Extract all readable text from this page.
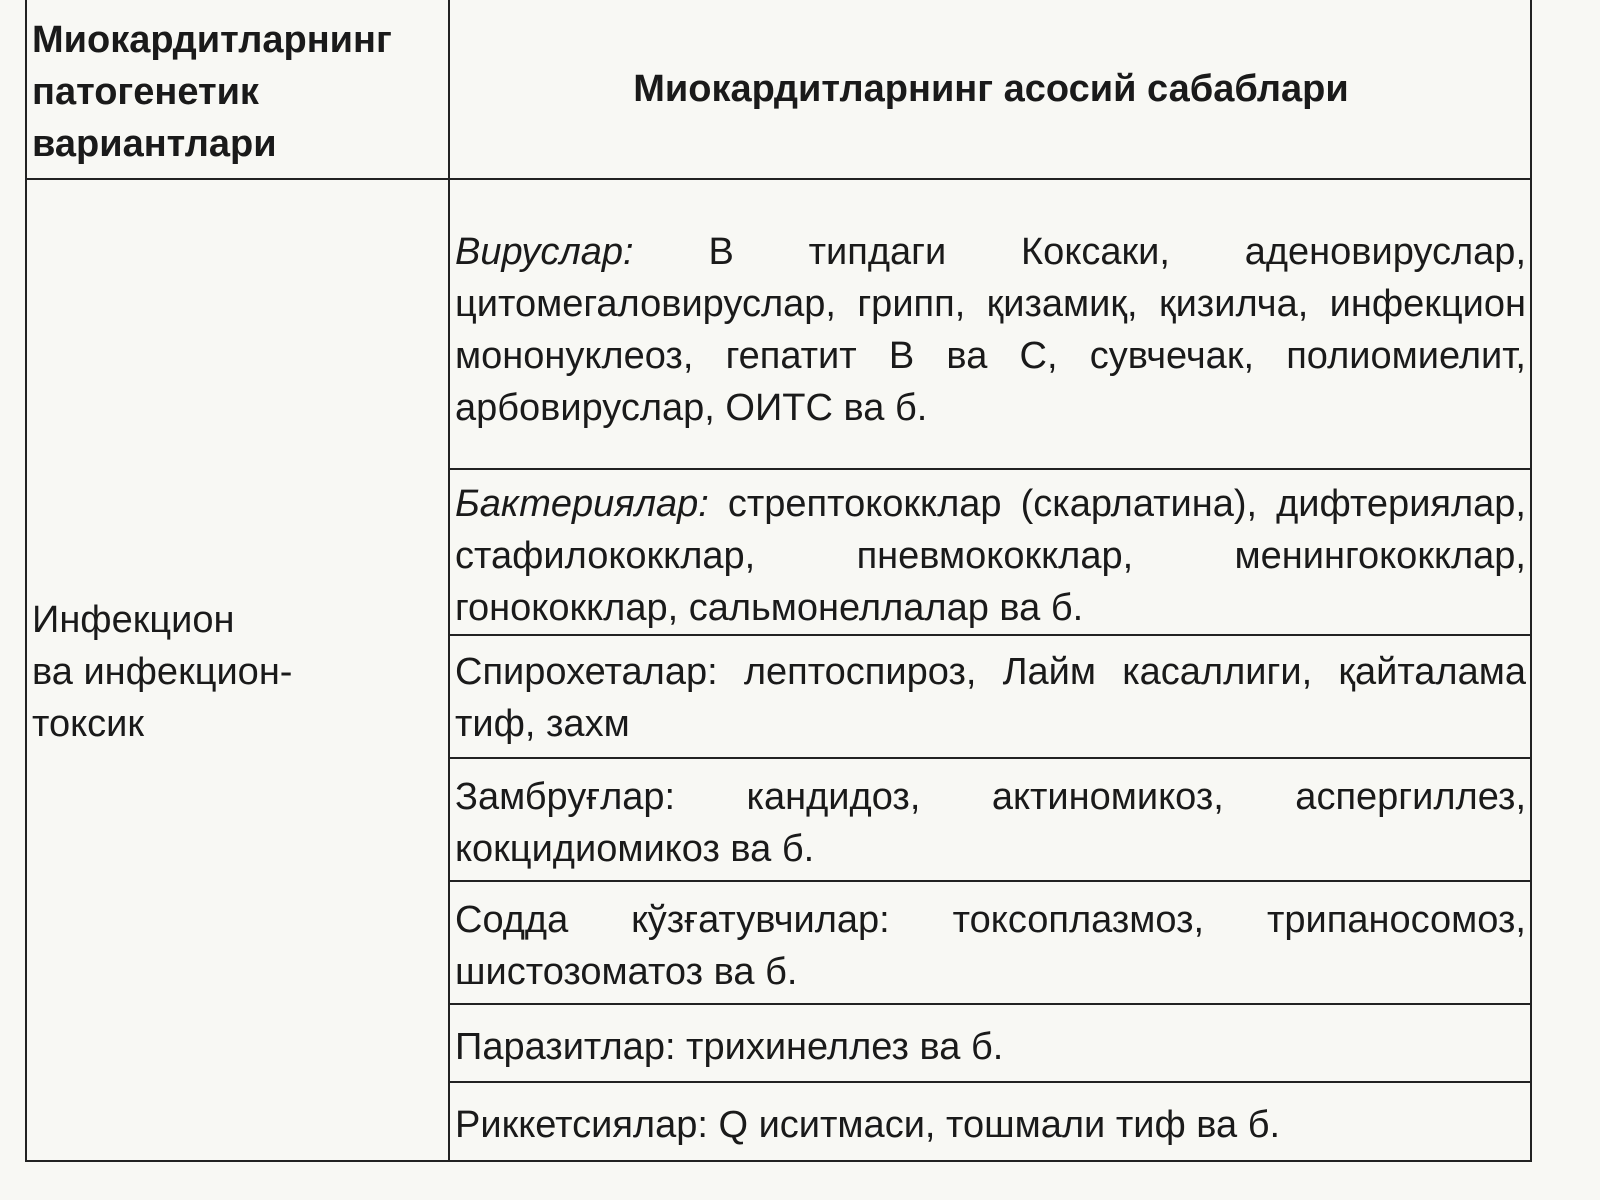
Миокардитларнинг
патогенетик
вариантлари
Миокардитларнинг асосий сабаблари
Инфекцион
ва инфекцион-
токсик
Вируслар: В типдаги Коксаки, аденовируслар, цитомегаловируслар, грипп, қизамиқ, қизилча, инфекцион мононуклеоз, гепатит В ва С, сувчечак, полиомиелит, арбовируслар, ОИТС ва б.
Бактериялар: стрептококклар (скарлатина), дифтериялар, стафилококклар, пневмококклар, менингококклар, гонококклар, сальмонеллалар ва б.
Спирохеталар: лептоспироз, Лайм касаллиги, қайталама тиф, захм
Замбруғлар: кандидоз, актиномикоз, аспергиллез, кокцидиомикоз ва б.
Содда кўзғатувчилар: токсоплазмоз, трипаносомоз, шистозоматоз ва б.
Паразитлар: трихинеллез ва б.
Риккетсиялар: Q иситмаси, тошмали тиф ва б.
